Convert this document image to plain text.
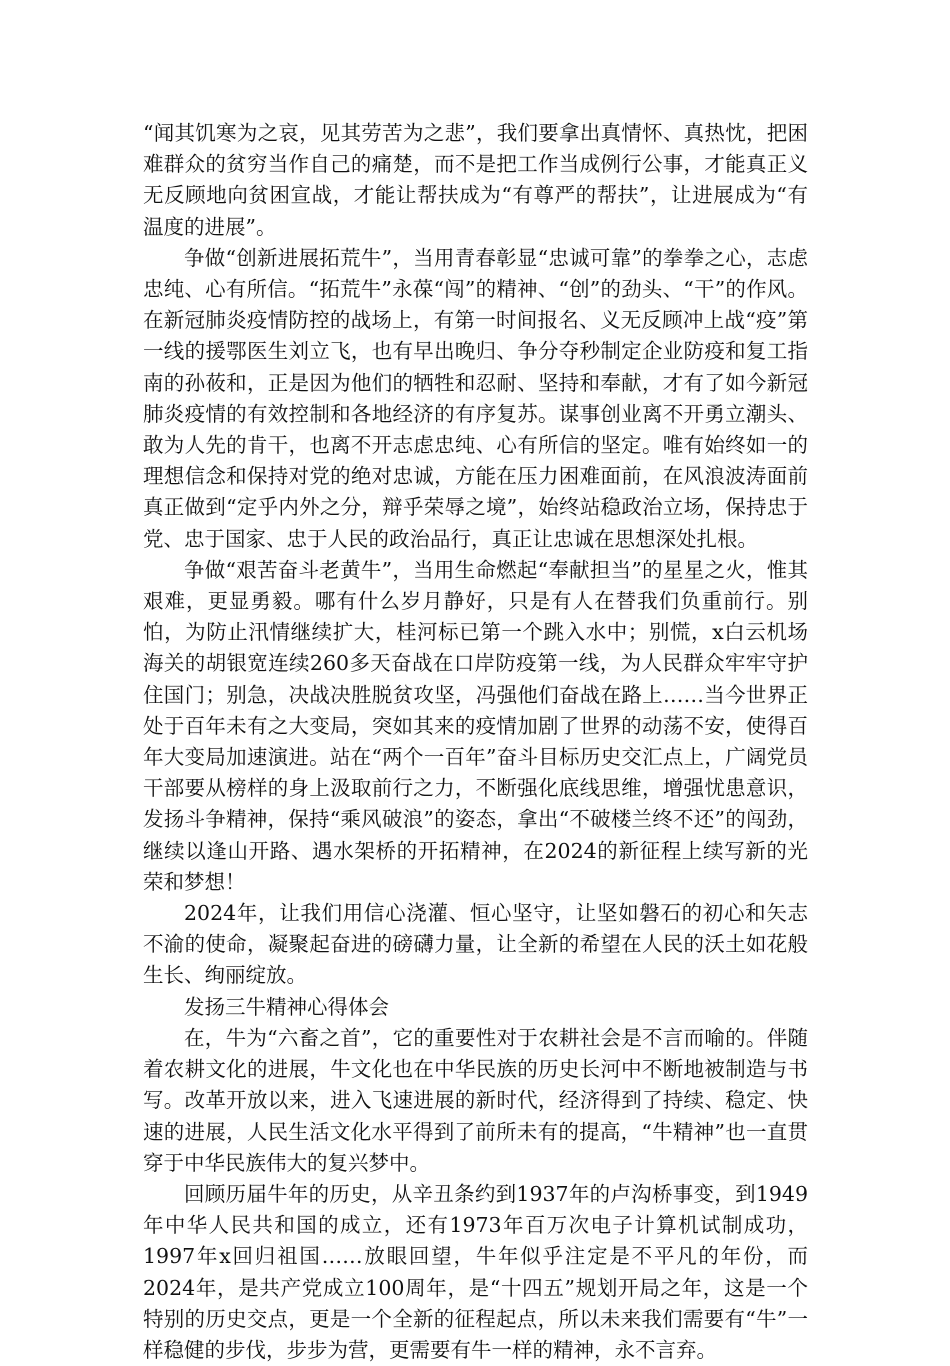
“闻其饥寒为之哀，见其劳苦为之悲”，我们要拿出真情怀、真热忱，把困难群众的贫穷当作自己的痛楚，而不是把工作当成例行公事，才能真正义无反顾地向贫困宣战，才能让帮扶成为“有尊严的帮扶”，让进展成为“有温度的进展”。

争做“创新进展拓荒牛”，当用青春彰显“忠诚可靠”的拳拳之心，志虑忠纯、心有所信。“拓荒牛”永葆“闯”的精神、“创”的劲头、“干”的作风。在新冠肺炎疫情防控的战场上，有第一时间报名、义无反顾冲上战“疫”第一线的援鄂医生刘立飞，也有早出晚归、争分夺秒制定企业防疫和复工指南的孙莜和，正是因为他们的牺牲和忍耐、坚持和奉献，才有了如今新冠肺炎疫情的有效控制和各地经济的有序复苏。谋事创业离不开勇立潮头、敢为人先的肯干，也离不开志虑忠纯、心有所信的坚定。唯有始终如一的理想信念和保持对党的绝对忠诚，方能在压力困难面前，在风浪波涛面前真正做到“定乎内外之分，辩乎荣辱之境”，始终站稳政治立场，保持忠于党、忠于国家、忠于人民的政治品行，真正让忠诚在思想深处扎根。

争做“艰苦奋斗老黄牛”，当用生命燃起“奉献担当”的星星之火，惟其艰难，更显勇毅。哪有什么岁月静好，只是有人在替我们负重前行。别怕，为防止汛情继续扩大，桂河标已第一个跳入水中；别慌，x白云机场海关的胡银宽连续260多天奋战在口岸防疫第一线，为人民群众牢牢守护住国门；别急，决战决胜脱贫攻坚，冯强他们奋战在路上……当今世界正处于百年未有之大变局，突如其来的疫情加剧了世界的动荡不安，使得百年大变局加速演进。站在“两个一百年”奋斗目标历史交汇点上，广阔党员干部要从榜样的身上汲取前行之力，不断强化底线思维，增强忧患意识，发扬斗争精神，保持“乘风破浪”的姿态，拿出“不破楼兰终不还”的闯劲，继续以逢山开路、遇水架桥的开拓精神，在2024的新征程上续写新的光荣和梦想！

2024年，让我们用信心浇灌、恒心坚守，让坚如磐石的初心和矢志不渝的使命，凝聚起奋进的磅礴力量，让全新的希望在人民的沃土如花般生长、绚丽绽放。

发扬三牛精神心得体会

在，牛为“六畜之首”，它的重要性对于农耕社会是不言而喻的。伴随着农耕文化的进展，牛文化也在中华民族的历史长河中不断地被制造与书写。改革开放以来，进入飞速进展的新时代，经济得到了持续、稳定、快速的进展，人民生活文化水平得到了前所未有的提高，“牛精神”也一直贯穿于中华民族伟大的复兴梦中。

回顾历届牛年的历史，从辛丑条约到1937年的卢沟桥事变，到1949年中华人民共和国的成立，还有1973年百万次电子计算机试制成功，1997年x回归祖国……放眼回望，牛年似乎注定是不平凡的年份，而2024年，是共产党成立100周年，是“十四五”规划开局之年，这是一个特别的历史交点，更是一个全新的征程起点，所以未来我们需要有“牛”一样稳健的步伐，步步为营，更需要有牛一样的精神，永不言弃。
